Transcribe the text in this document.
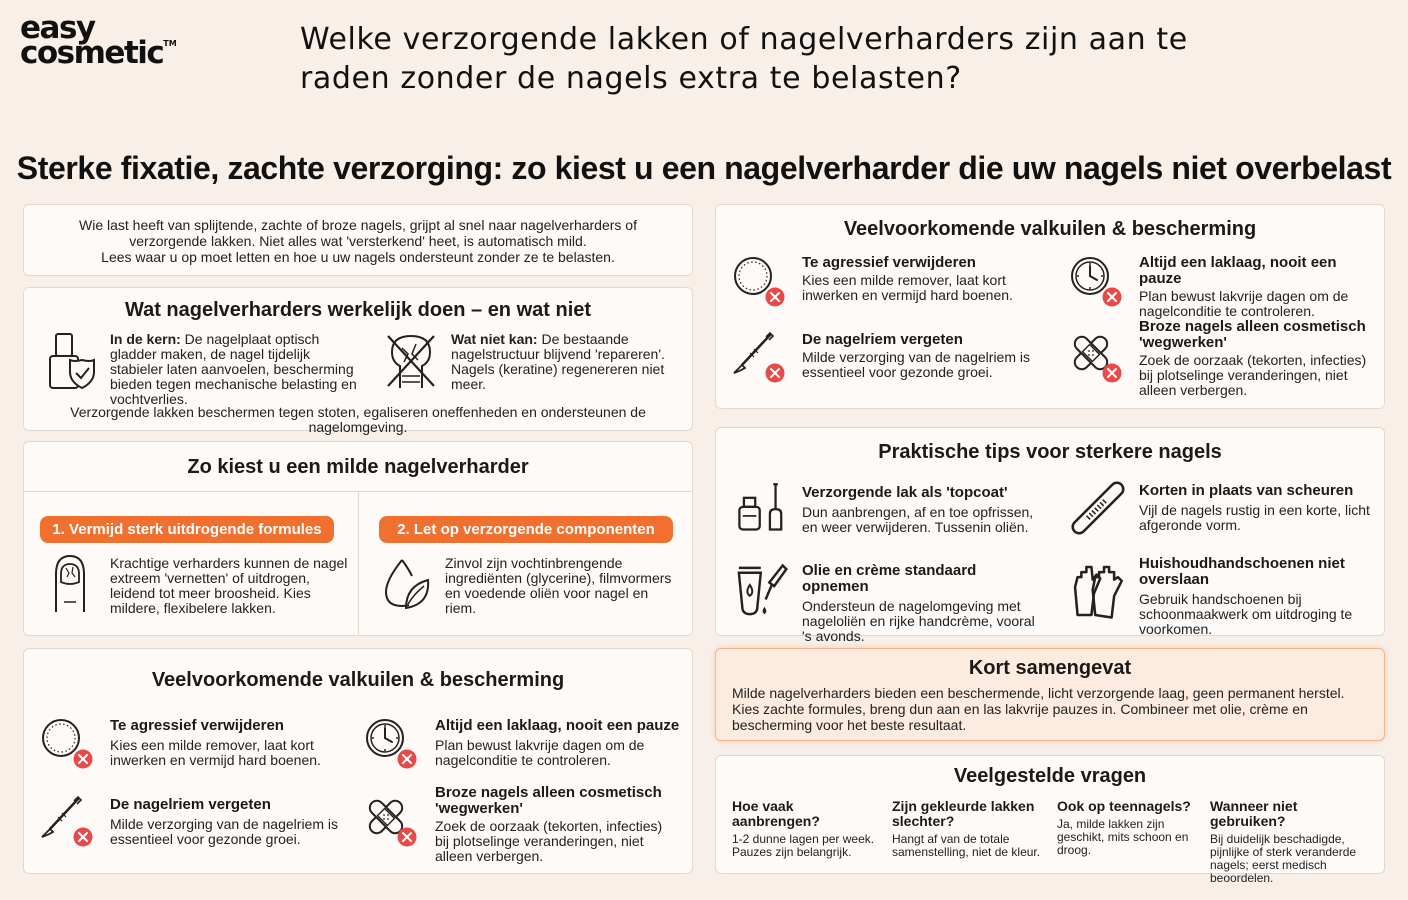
easy
cosmetic™	Welke verzorgende lakken of nagelverharders zijn aan te raden zonder de nagels extra te belasten?
Sterke fixatie, zachte verzorging: zo kiest u een nagelverharder die uw nagels niet overbelast
Wie last heeft van splijtende, zachte of broze nagels, grijpt al snel naar nagelverharders of
verzorgende lakken. Niet alles wat 'versterkend' heet, is automatisch mild.
Lees waar u op moet letten en hoe u uw nagels ondersteunt zonder ze te belasten.
Wat nagelverharders werkelijk doen – en wat niet
In de kern: De nagelplaat optisch gladder maken, de nagel tijdelijk stabieler laten aanvoelen, bescherming bieden tegen mechanische belasting en vochtverlies.
Wat niet kan: De bestaande nagelstructuur blijvend 'repareren'. Nagels (keratine) regenereren niet meer.
Verzorgende lakken beschermen tegen stoten, egaliseren oneffenheden en ondersteunen de nagelomgeving.
Zo kiest u een milde nagelverharder
1. Vermijd sterk uitdrogende formules	2. Let op verzorgende componenten
Krachtige verharders kunnen de nagel extreem 'vernetten' of uitdrogen, leidend tot meer broosheid. Kies mildere, flexibelere lakken.
Zinvol zijn vochtinbrengende ingrediënten (glycerine), filmvormers en voedende oliën voor nagel en riem.
Veelvoorkomende valkuilen & bescherming
Te agressief verwijderen
Kies een milde remover, laat kort inwerken en vermijd hard boenen.
Altijd een laklaag, nooit een pauze
Plan bewust lakvrije dagen om de nagelconditie te controleren.
De nagelriem vergeten
Milde verzorging van de nagelriem is essentieel voor gezonde groei.
Broze nagels alleen cosmetisch 'wegwerken'
Zoek de oorzaak (tekorten, infecties) bij plotselinge veranderingen, niet alleen verbergen.
Veelvoorkomende valkuilen & bescherming
Te agressief verwijderen
Kies een milde remover, laat kort inwerken en vermijd hard boenen.
Altijd een laklaag, nooit een pauze
Plan bewust lakvrije dagen om de nagelconditie te controleren.
De nagelriem vergeten
Milde verzorging van de nagelriem is essentieel voor gezonde groei.
Broze nagels alleen cosmetisch 'wegwerken'
Zoek de oorzaak (tekorten, infecties) bij plotselinge veranderingen, niet alleen verbergen.
Praktische tips voor sterkere nagels
Verzorgende lak als 'topcoat'
Dun aanbrengen, af en toe opfrissen, en weer verwijderen. Tussenin oliën.
Korten in plaats van scheuren
Vijl de nagels rustig in een korte, licht afgeronde vorm.
Olie en crème standaard opnemen
Ondersteun de nagelomgeving met nageloliën en rijke handcrème, vooral 's avonds.
Huishoudhandschoenen niet overslaan
Gebruik handschoenen bij schoonmaakwerk om uitdroging te voorkomen.
Kort samengevat
Milde nagelverharders bieden een beschermende, licht verzorgende laag, geen permanent herstel. Kies zachte formules, breng dun aan en las lakvrije pauzes in. Combineer met olie, crème en bescherming voor het beste resultaat.
Veelgestelde vragen
Hoe vaak aanbrengen?
1-2 dunne lagen per week. Pauzes zijn belangrijk.
Zijn gekleurde lakken slechter?
Hangt af van de totale samenstelling, niet de kleur.
Ook op teennagels?
Ja, milde lakken zijn geschikt, mits schoon en droog.
Wanneer niet gebruiken?
Bij duidelijk beschadigde, pijnlijke of sterk veranderde nagels; eerst medisch beoordelen.
